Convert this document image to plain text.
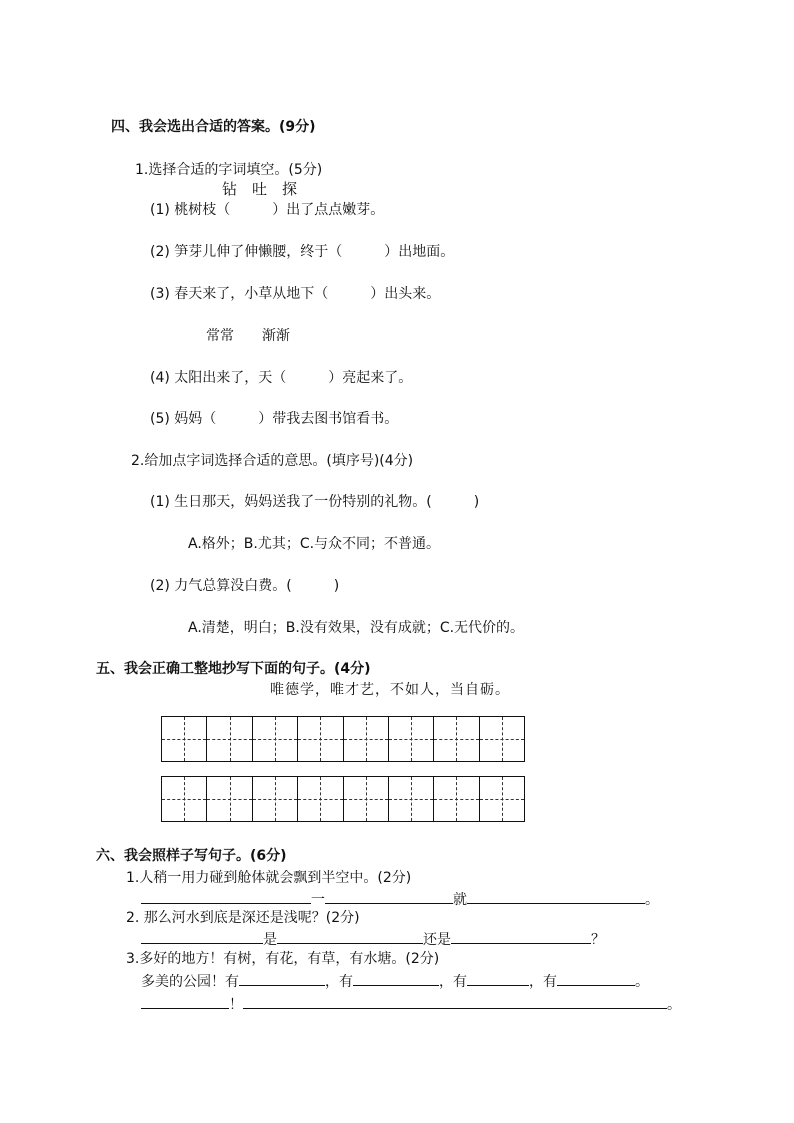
四、我会选出合适的答案。(9分)
1.选择合适的字词填空。(5分)
钻　吐　探
(1) 桃树枝（　　　）出了点点嫩芽。
(2) 笋芽儿伸了伸懒腰，终于（　　　）出地面。
(3) 春天来了，小草从地下（　　　）出头来。
常常　　渐渐
(4) 太阳出来了，天（　　　）亮起来了。
(5) 妈妈（　　　）带我去图书馆看书。
2.给加点字词选择合适的意思。(填序号)(4分)
(1) 生日那天，妈妈送我了一份特别的礼物。(　　　)
A.格外；B.尤其；C.与众不同；不普通。
(2) 力气总算没白费。(　　　)
A.清楚，明白；B.没有效果，没有成就；C.无代价的。
五、我会正确工整地抄写下面的句子。(4分)
唯德学，唯才艺，不如人，当自砺。
六、我会照样子写句子。(6分)
1.人稍一用力碰到舱体就会飘到半空中。(2分)
一	就	。
2. 那么河水到底是深还是浅呢？(2分)
是	还是	？
3.多好的地方！有树，有花，有草，有水塘。(2分)
多美的公园！有	，有	，有	，有	。
！	。
